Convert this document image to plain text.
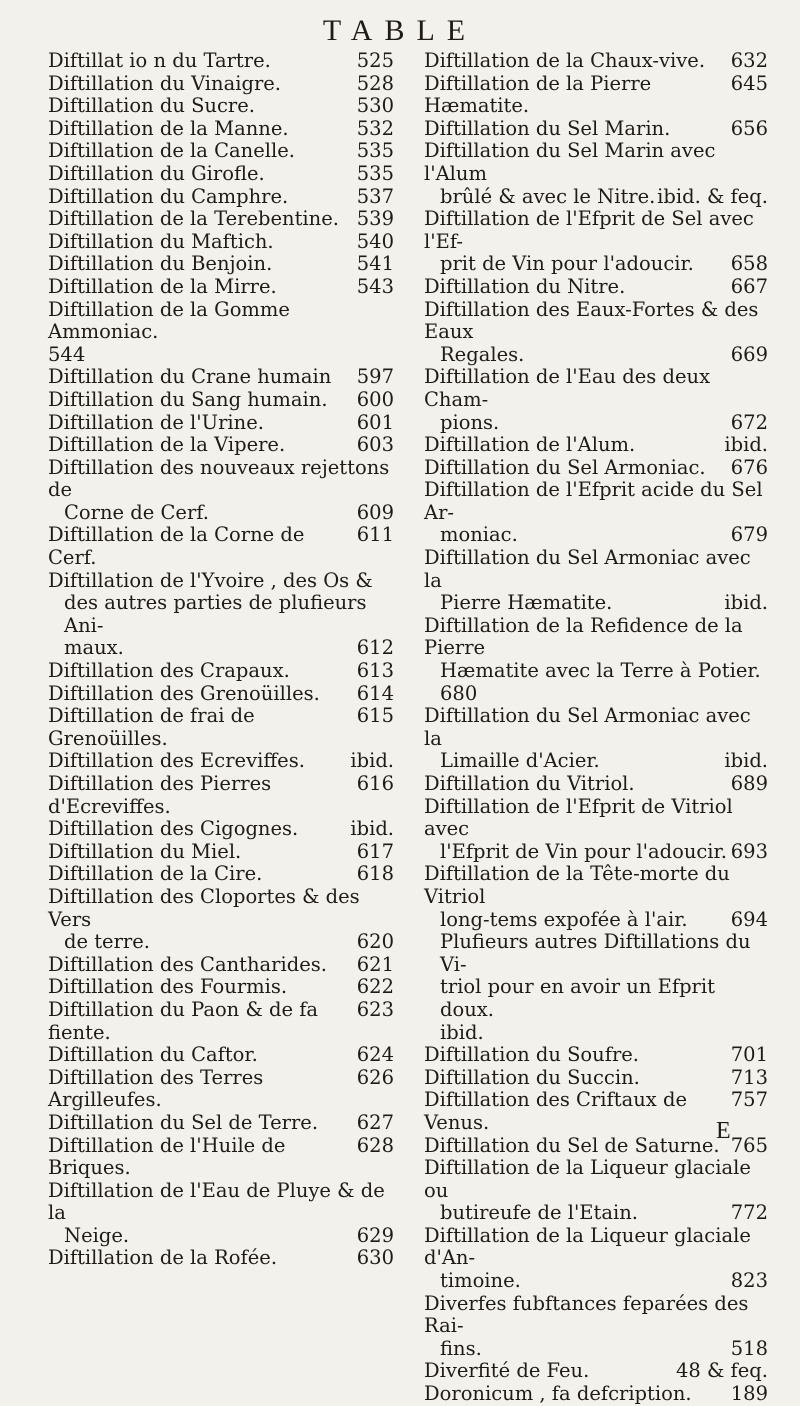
TABLE
525
Diftillat io n du Tartre.
528
Diftillation du Vinaigre.
530
Diftillation du Sucre.
532
Diftillation de la Manne.
535
Diftillation de la Canelle.
535
Diftillation du Girofle.
537
Diftillation du Camphre.
539
Diftillation de la Terebentine.
540
Diftillation du Maftich.
541
Diftillation du Benjoin.
543
Diftillation de la Mirre.
Diftillation de la Gomme Ammoniac.
544
597
Diftillation du Crane humain
600
Diftillation du Sang humain.
601
Diftillation de l'Urine.
603
Diftillation de la Vipere.
Diftillation des nouveaux rejettons de
609
Corne de Cerf.
611
Diftillation de la Corne de Cerf.
Diftillation de l'Yvoire , des Os &
des autres parties de plufieurs Ani-
612
maux.
613
Diftillation des Crapaux.
614
Diftillation des Grenoüilles.
615
Diftillation de frai de Grenoüilles.
ibid.
Diftillation des Ecreviffes.
616
Diftillation des Pierres d'Ecreviffes.
ibid.
Diftillation des Cigognes.
617
Diftillation du Miel.
618
Diftillation de la Cire.
Diftillation des Cloportes & des Vers
620
de terre.
621
Diftillation des Cantharides.
622
Diftillation des Fourmis.
623
Diftillation du Paon & de fa fiente.
624
Diftillation du Caftor.
626
Diftillation des Terres Argilleufes.
627
Diftillation du Sel de Terre.
628
Diftillation de l'Huile de Briques.
Diftillation de l'Eau de Pluye & de la
629
Neige.
630
Diftillation de la Rofée.
632
Diftillation de la Chaux-vive.
645
Diftillation de la Pierre Hæmatite.
656
Diftillation du Sel Marin.
Diftillation du Sel Marin avec l'Alum
ibid. & feq.
brûlé & avec le Nitre.
Diftillation de l'Efprit de Sel avec l'Ef-
658
prit de Vin pour l'adoucir.
667
Diftillation du Nitre.
Diftillation des Eaux-Fortes & des Eaux
669
Regales.
Diftillation de l'Eau des deux Cham-
672
pions.
ibid.
Diftillation de l'Alum.
676
Diftillation du Sel Armoniac.
Diftillation de l'Efprit acide du Sel Ar-
679
moniac.
Diftillation du Sel Armoniac avec la
ibid.
Pierre Hæmatite.
Diftillation de la Refidence de la Pierre
Hæmatite avec la Terre à Potier.
680
Diftillation du Sel Armoniac avec la
ibid.
Limaille d'Acier.
689
Diftillation du Vitriol.
Diftillation de l'Efprit de Vitriol avec
693
l'Efprit de Vin pour l'adoucir.
Diftillation de la Tête-morte du Vitriol
694
long-tems expofée à l'air.
Plufieurs autres Diftillations du Vi-
triol pour en avoir un Efprit doux.
ibid.
701
Diftillation du Soufre.
713
Diftillation du Succin.
757
Diftillation des Criftaux de Venus.
765
Diftillation du Sel de Saturne.
Diftillation de la Liqueur glaciale ou
772
butireufe de l'Etain.
Diftillation de la Liqueur glaciale d'An-
823
timoine.
Diverfes fubftances feparées des Rai-
518
fins.
48 & feq.
Diverfité de Feu.
189
Doronicum , fa defcription.
E
